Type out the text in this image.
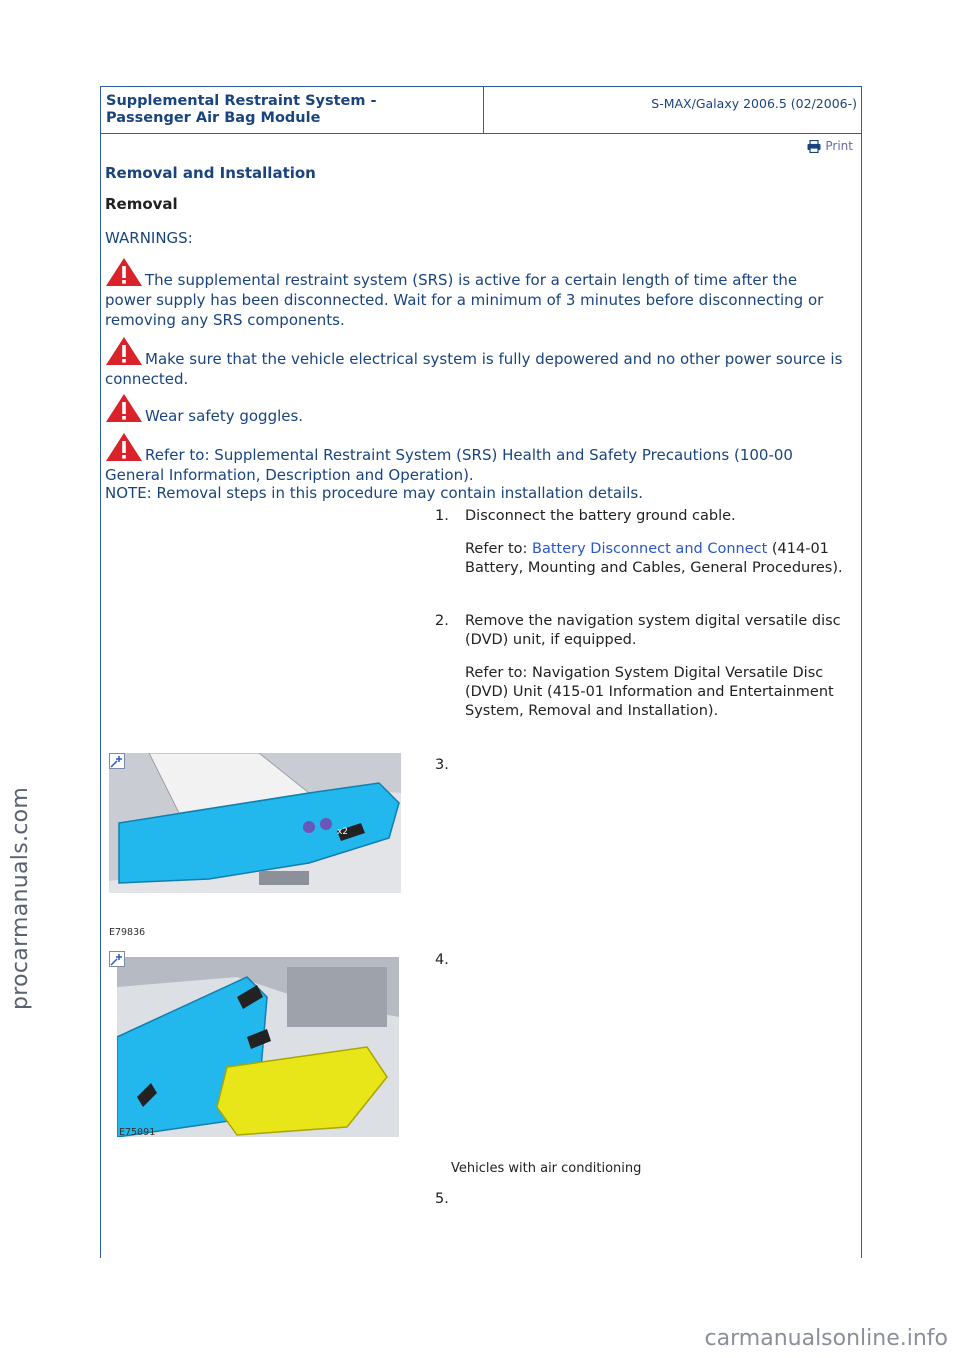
procarmanuals.com
carmanualsonline.info
Supplemental Restraint System -
Passenger Air Bag Module
S-MAX/Galaxy 2006.5 (02/2006-)
Print
Removal and Installation
Removal
WARNINGS:
The supplemental restraint system (SRS) is active for a certain length of time after the power supply has been disconnected. Wait for a minimum of 3 minutes before disconnecting or removing any SRS components.
Make sure that the vehicle electrical system is fully depowered and no other power source is connected.
Wear safety goggles.
Refer to: Supplemental Restraint System (SRS) Health and Safety Precautions (100-00 General Information, Description and Operation).
NOTE: Removal steps in this procedure may contain installation details.
1. Disconnect the battery ground cable.
Refer to: Battery Disconnect and Connect (414-01 Battery, Mounting and Cables, General Procedures).
2. Remove the navigation system digital versatile disc (DVD) unit, if equipped.
Refer to: Navigation System Digital Versatile Disc (DVD) Unit (415-01 Information and Entertainment System, Removal and Installation).
3.
4.
Vehicles with air conditioning
5.
x2
E79836
E75091
